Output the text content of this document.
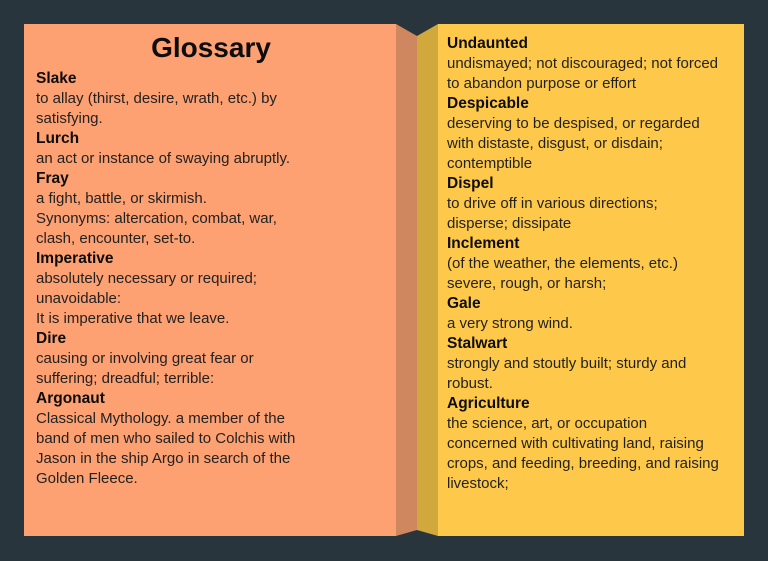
Glossary
Slake
to allay (thirst, desire, wrath, etc.) by
satisfying.
Lurch
an act or instance of swaying abruptly.
Fray
a fight, battle, or skirmish.
Synonyms: altercation, combat, war,
clash, encounter, set-to.
Imperative
absolutely necessary or required;
unavoidable:
It is imperative that we leave.
Dire
causing or involving great fear or
suffering; dreadful; terrible:
Argonaut
Classical Mythology. a member of the
band of men who sailed to Colchis with
Jason in the ship Argo in search of the
Golden Fleece.
Undaunted
undismayed; not discouraged; not forced
to abandon purpose or effort
Despicable
deserving to be despised, or regarded
with distaste, disgust, or disdain;
contemptible
Dispel
to drive off in various directions;
disperse; dissipate
Inclement
(of the weather, the elements, etc.)
severe, rough, or harsh;
Gale
a very strong wind.
Stalwart
strongly and stoutly built; sturdy and
robust.
Agriculture
the science, art, or occupation
concerned with cultivating land, raising
crops, and feeding, breeding, and raising
livestock;
